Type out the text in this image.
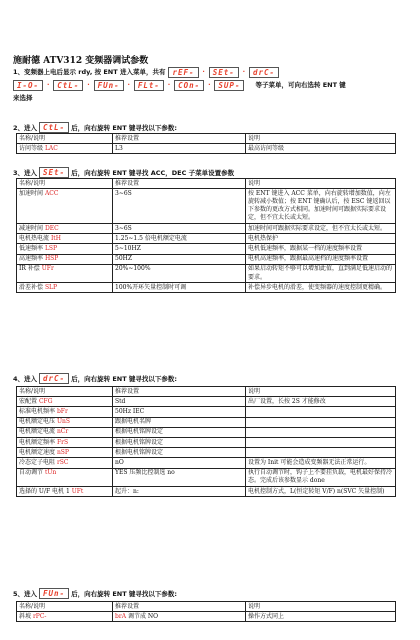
施耐德 ATV312 变频器调试参数
1、变频器上电后显示 rdy, 按 ENT 进入菜单，共有 rEF-	· SEt-	· drC-
I-O-	· CtL-	· FUn-	· FLt-	· COn-	· SUP-	等子菜单，可向右选转 ENT 键
来选择
2、进入 CtL- 后，向右旋转 ENT 键寻找以下参数:
名称/说明	推荐设置	说明
访问等级 LAC	L3	最高访问等级
3、进入 SEt- 后，向右旋转 ENT 键寻找 ACC，DEC 子菜单设置参数
名称/说明	推荐设置	说明
加速时间 ACC	3~6S	按 ENT 键进入 ACC 菜单，向右旋转增加数值，向左旋转减小数值；按 ENT 键确认后，按 ESC 键返回以下参数的更改方式相同。加速时间可跟据实际要求设定，但不宜太长或太短。
减速时间 DEC	3~6S	加速时间可跟据实际要求设定，但不宜太长或太短。
电机热电流 ItH	1.25~1.5 倍电机额定电流	电机热保护
低速频率 LSP	5~10HZ	电机低速频率，跟据某一档的速度频率设置
高速频率 HSP	50HZ	电机高速频率，跟据最高速档的速度频率设置
IR 补偿 UFr	20%~100%	如果启动转矩不够可以增加此值，直到满足低速启动的要求。
滑差补偿 SLP	100%开环矢量控制时可调	补偿异步电机的滑差，使变频器的速度控制更精确。
4、进入 drC- 后，向右旋转 ENT 键寻找以下参数:
名称/说明	推荐设置	说明
宏配置 CFG	Std	出厂设置，长按 2S 才能修改
标准电机频率 bFr	50Hz IEC	
电机额定电压 UnS	跟据电机名牌	
电机额定电流 nCr	根据电机铭牌设定	
电机额定频率 FrS	根据电机铭牌设定	
电机额定速度 nSP	根据电机铭牌设定	
冷态定子电阻 rSC	nO	设置为 Init 可能会造成变频器无法正常运行。
自动调节 tUn	YES 压频比控制选 no	执行自动调节时，钩子上不要挂负载，电机最好保持冷态。完成后该参数显示 done
选择的 U/F 电机 1 UFt	起升：n:	电机控制方式，L(恒定转矩 V/F) n(SVC 矢量控制)
5、进入 FUn- 后，向右旋转 ENT 键寻找以下参数:
名称/说明	推荐设置	说明
斜坡 rPC-	brA 调节成 NO	操作方式同上
